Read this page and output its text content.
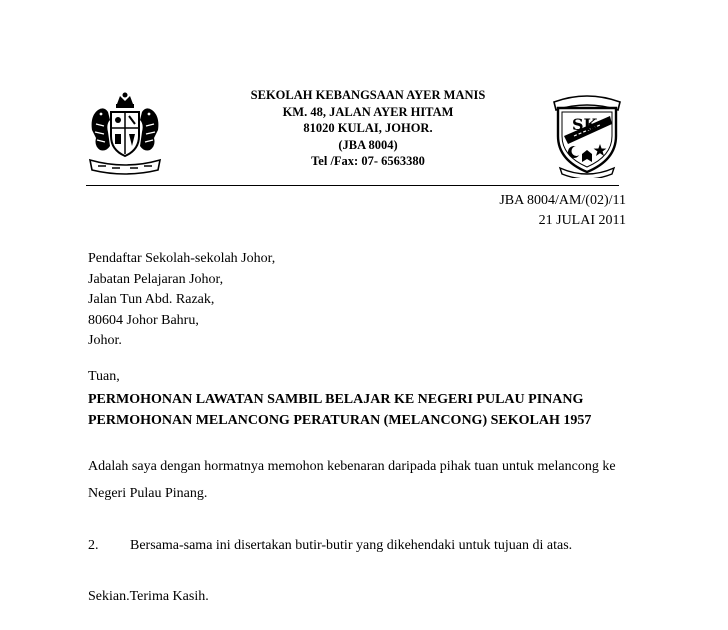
SEKOLAH KEBANGSAAN AYER MANIS
KM. 48, JALAN AYER HITAM
81020 KULAI, JOHOR.
(JBA 8004)
Tel /Fax: 07- 6563380
SK
JBA 8004/AM/(02)/11
21 JULAI 2011
Pendaftar Sekolah-sekolah Johor,
Jabatan Pelajaran Johor,
Jalan Tun Abd. Razak,
80604 Johor Bahru,
Johor.
Tuan,
PERMOHONAN LAWATAN SAMBIL BELAJAR KE NEGERI PULAU PINANG
PERMOHONAN MELANCONG PERATURAN (MELANCONG) SEKOLAH 1957
Adalah saya dengan hormatnya memohon kebenaran daripada pihak tuan untuk melancong ke
Negeri Pulau Pinang.
2. Bersama-sama ini disertakan butir-butir yang dikehendaki untuk tujuan di atas.
Sekian.Terima Kasih.
